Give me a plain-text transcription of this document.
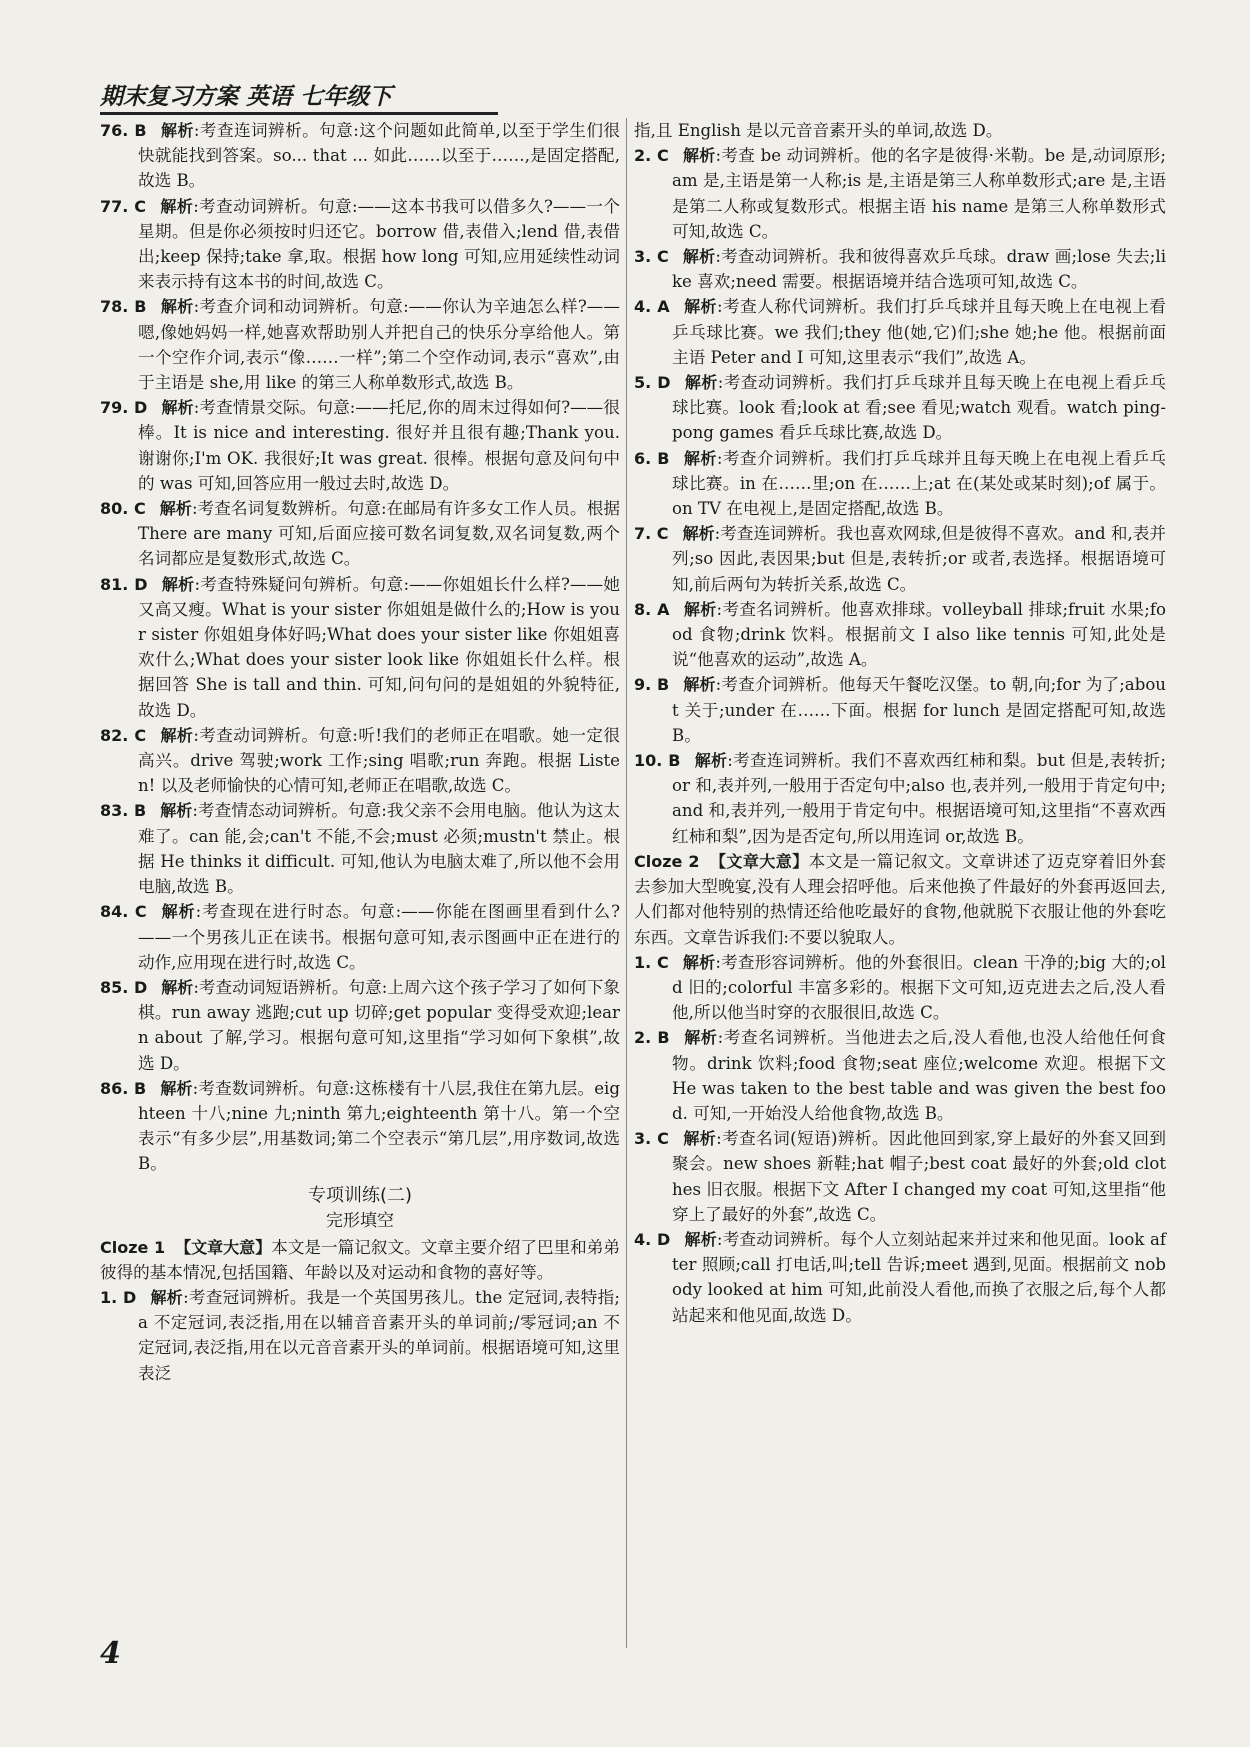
期末复习方案 英语 七年级下
76. B 解析:考查连词辨析。句意:这个问题如此简单,以至于学生们很快就能找到答案。so... that ... 如此……以至于……,是固定搭配,故选 B。
77. C 解析:考查动词辨析。句意:——这本书我可以借多久?——一个星期。但是你必须按时归还它。borrow 借,表借入;lend 借,表借出;keep 保持;take 拿,取。根据 how long 可知,应用延续性动词来表示持有这本书的时间,故选 C。
78. B 解析:考查介词和动词辨析。句意:——你认为辛迪怎么样?——嗯,像她妈妈一样,她喜欢帮助别人并把自己的快乐分享给他人。第一个空作介词,表示“像……一样”;第二个空作动词,表示“喜欢”,由于主语是 she,用 like 的第三人称单数形式,故选 B。
79. D 解析:考查情景交际。句意:——托尼,你的周末过得如何?——很棒。It is nice and interesting. 很好并且很有趣;Thank you. 谢谢你;I'm OK. 我很好;It was great. 很棒。根据句意及问句中的 was 可知,回答应用一般过去时,故选 D。
80. C 解析:考查名词复数辨析。句意:在邮局有许多女工作人员。根据 There are many 可知,后面应接可数名词复数,双名词复数,两个名词都应是复数形式,故选 C。
81. D 解析:考查特殊疑问句辨析。句意:——你姐姐长什么样?——她又高又瘦。What is your sister 你姐姐是做什么的;How is your sister 你姐姐身体好吗;What does your sister like 你姐姐喜欢什么;What does your sister look like 你姐姐长什么样。根据回答 She is tall and thin. 可知,问句问的是姐姐的外貌特征,故选 D。
82. C 解析:考查动词辨析。句意:听!我们的老师正在唱歌。她一定很高兴。drive 驾驶;work 工作;sing 唱歌;run 奔跑。根据 Listen! 以及老师愉快的心情可知,老师正在唱歌,故选 C。
83. B 解析:考查情态动词辨析。句意:我父亲不会用电脑。他认为这太难了。can 能,会;can't 不能,不会;must 必须;mustn't 禁止。根据 He thinks it difficult. 可知,他认为电脑太难了,所以他不会用电脑,故选 B。
84. C 解析:考查现在进行时态。句意:——你能在图画里看到什么?——一个男孩儿正在读书。根据句意可知,表示图画中正在进行的动作,应用现在进行时,故选 C。
85. D 解析:考查动词短语辨析。句意:上周六这个孩子学习了如何下象棋。run away 逃跑;cut up 切碎;get popular 变得受欢迎;learn about 了解,学习。根据句意可知,这里指“学习如何下象棋”,故选 D。
86. B 解析:考查数词辨析。句意:这栋楼有十八层,我住在第九层。eighteen 十八;nine 九;ninth 第九;eighteenth 第十八。第一个空表示“有多少层”,用基数词;第二个空表示“第几层”,用序数词,故选 B。
专项训练(二)
完形填空
Cloze 1 【文章大意】本文是一篇记叙文。文章主要介绍了巴里和弟弟彼得的基本情况,包括国籍、年龄以及对运动和食物的喜好等。
1. D 解析:考查冠词辨析。我是一个英国男孩儿。the 定冠词,表特指;a 不定冠词,表泛指,用在以辅音音素开头的单词前;/零冠词;an 不定冠词,表泛指,用在以元音音素开头的单词前。根据语境可知,这里表泛
指,且 English 是以元音音素开头的单词,故选 D。
2. C 解析:考查 be 动词辨析。他的名字是彼得·米勒。be 是,动词原形;am 是,主语是第一人称;is 是,主语是第三人称单数形式;are 是,主语是第二人称或复数形式。根据主语 his name 是第三人称单数形式可知,故选 C。
3. C 解析:考查动词辨析。我和彼得喜欢乒乓球。draw 画;lose 失去;like 喜欢;need 需要。根据语境并结合选项可知,故选 C。
4. A 解析:考查人称代词辨析。我们打乒乓球并且每天晚上在电视上看乒乓球比赛。we 我们;they 他(她,它)们;she 她;he 他。根据前面主语 Peter and I 可知,这里表示“我们”,故选 A。
5. D 解析:考查动词辨析。我们打乒乓球并且每天晚上在电视上看乒乓球比赛。look 看;look at 看;see 看见;watch 观看。watch ping-pong games 看乒乓球比赛,故选 D。
6. B 解析:考查介词辨析。我们打乒乓球并且每天晚上在电视上看乒乓球比赛。in 在……里;on 在……上;at 在(某处或某时刻);of 属于。on TV 在电视上,是固定搭配,故选 B。
7. C 解析:考查连词辨析。我也喜欢网球,但是彼得不喜欢。and 和,表并列;so 因此,表因果;but 但是,表转折;or 或者,表选择。根据语境可知,前后两句为转折关系,故选 C。
8. A 解析:考查名词辨析。他喜欢排球。volleyball 排球;fruit 水果;food 食物;drink 饮料。根据前文 I also like tennis 可知,此处是说“他喜欢的运动”,故选 A。
9. B 解析:考查介词辨析。他每天午餐吃汉堡。to 朝,向;for 为了;about 关于;under 在……下面。根据 for lunch 是固定搭配可知,故选 B。
10. B 解析:考查连词辨析。我们不喜欢西红柿和梨。but 但是,表转折;or 和,表并列,一般用于否定句中;also 也,表并列,一般用于肯定句中;and 和,表并列,一般用于肯定句中。根据语境可知,这里指“不喜欢西红柿和梨”,因为是否定句,所以用连词 or,故选 B。
Cloze 2 【文章大意】本文是一篇记叙文。文章讲述了迈克穿着旧外套去参加大型晚宴,没有人理会招呼他。后来他换了件最好的外套再返回去,人们都对他特别的热情还给他吃最好的食物,他就脱下衣服让他的外套吃东西。文章告诉我们:不要以貌取人。
1. C 解析:考查形容词辨析。他的外套很旧。clean 干净的;big 大的;old 旧的;colorful 丰富多彩的。根据下文可知,迈克进去之后,没人看他,所以他当时穿的衣服很旧,故选 C。
2. B 解析:考查名词辨析。当他进去之后,没人看他,也没人给他任何食物。drink 饮料;food 食物;seat 座位;welcome 欢迎。根据下文 He was taken to the best table and was given the best food. 可知,一开始没人给他食物,故选 B。
3. C 解析:考查名词(短语)辨析。因此他回到家,穿上最好的外套又回到聚会。new shoes 新鞋;hat 帽子;best coat 最好的外套;old clothes 旧衣服。根据下文 After I changed my coat 可知,这里指“他穿上了最好的外套”,故选 C。
4. D 解析:考查动词辨析。每个人立刻站起来并过来和他见面。look after 照顾;call 打电话,叫;tell 告诉;meet 遇到,见面。根据前文 nobody looked at him 可知,此前没人看他,而换了衣服之后,每个人都站起来和他见面,故选 D。
4
